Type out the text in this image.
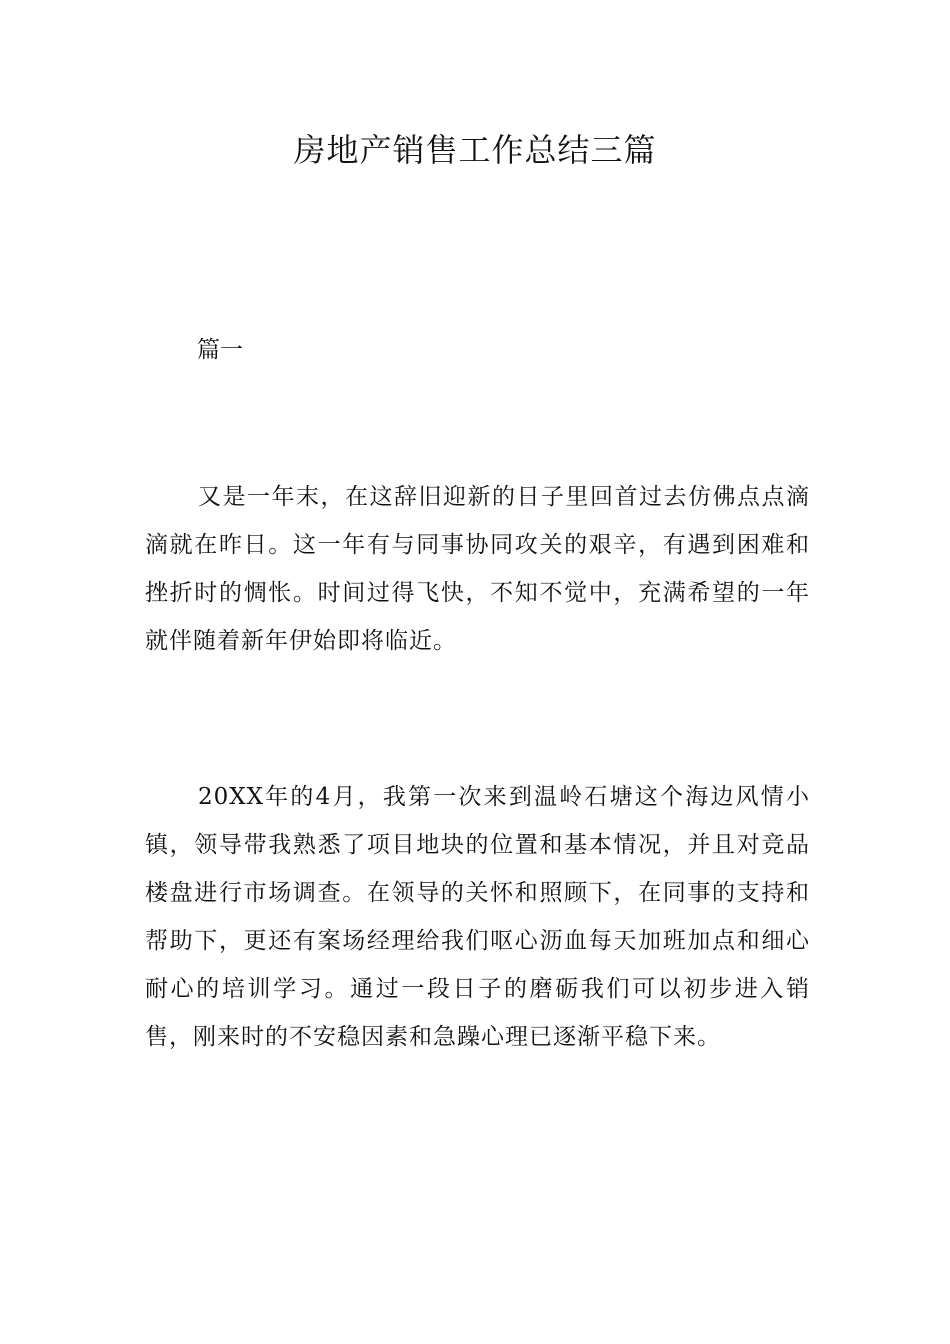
房地产销售工作总结三篇
篇一

又是一年末，在这辞旧迎新的日子里回首过去仿佛点点滴滴就在昨日。这一年有与同事协同攻关的艰辛，有遇到困难和挫折时的惆怅。时间过得飞快，不知不觉中，充满希望的一年就伴随着新年伊始即将临近。

20XX年的4月，我第一次来到温岭石塘这个海边风情小镇，领导带我熟悉了项目地块的位置和基本情况，并且对竞品楼盘进行市场调查。在领导的关怀和照顾下，在同事的支持和帮助下，更还有案场经理给我们呕心沥血每天加班加点和细心耐心的培训学习。通过一段日子的磨砺我们可以初步进入销售，刚来时的不安稳因素和急躁心理已逐渐平稳下来。
